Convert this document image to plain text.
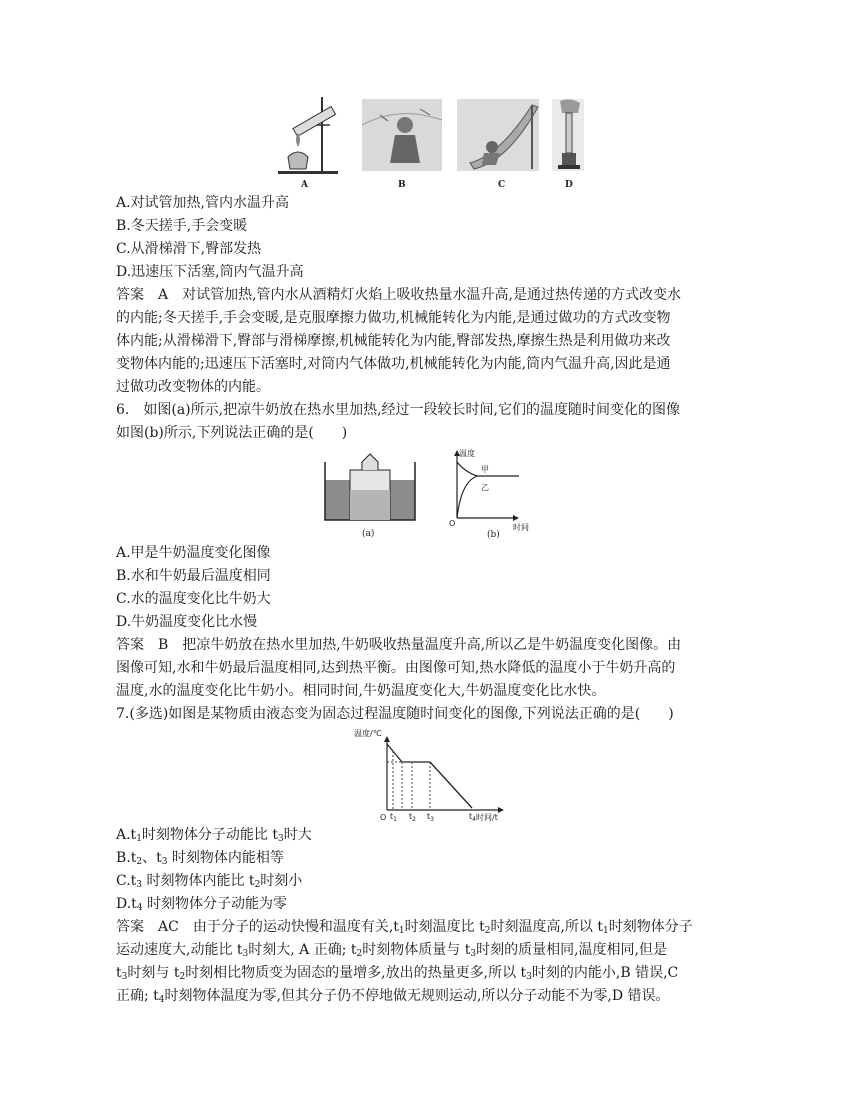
A	B	C	D
A.对试管加热,管内水温升高
B.冬天搓手,手会变暖
C.从滑梯滑下,臀部发热
D.迅速压下活塞,筒内气温升高
答案　A　对试管加热,管内水从酒精灯火焰上吸收热量水温升高,是通过热传递的方式改变水
的内能;冬天搓手,手会变暖,是克服摩擦力做功,机械能转化为内能,是通过做功的方式改变物
体内能;从滑梯滑下,臀部与滑梯摩擦,机械能转化为内能,臀部发热,摩擦生热是利用做功来改
变物体内能的;迅速压下活塞时,对筒内气体做功,机械能转化为内能,筒内气温升高,因此是通
过做功改变物体的内能。
6.　如图(a)所示,把凉牛奶放在热水里加热,经过一段较长时间,它们的温度随时间变化的图像
如图(b)所示,下列说法正确的是(　　)
(a)
温度
时间
O
甲
乙
(b)
A.甲是牛奶温度变化图像
B.水和牛奶最后温度相同
C.水的温度变化比牛奶大
D.牛奶温度变化比水慢
答案　B　把凉牛奶放在热水里加热,牛奶吸收热量温度升高,所以乙是牛奶温度变化图像。由
图像可知,水和牛奶最后温度相同,达到热平衡。由图像可知,热水降低的温度小于牛奶升高的
温度,水的温度变化比牛奶小。相同时间,牛奶温度变化大,牛奶温度变化比水快。
7.(多选)如图是某物质由液态变为固态过程温度随时间变化的图像,下列说法正确的是(　　)
温度/℃
时间/t
O $t_1$ $t_2$ $t_3$	$t_4$
$A.t_1$时刻物体分子动能比 $t_3$时大
$B.t_2$、$t_3$ 时刻物体内能相等
$C.t_3$ 时刻物体内能比 $t_2$时刻小
$D.t_4$ 时刻物体分子动能为零
答案　AC　由于分子的运动快慢和温度有关$,t_1$时刻温度比 $t_2$时刻温度高,所以 $t_1$时刻物体分子
运动速度大,动能比 $t_3$时刻大, A 正确; $t_2$时刻物体质量与 $t_3$时刻的质量相同,温度相同,但是
$t_3$时刻与 $t_2$时刻相比物质变为固态的量增多,放出的热量更多,所以 $t_3$时刻的内能小,B 错误,C
正确; $t_4$时刻物体温度为零,但其分子仍不停地做无规则运动,所以分子动能不为零,D 错误。
